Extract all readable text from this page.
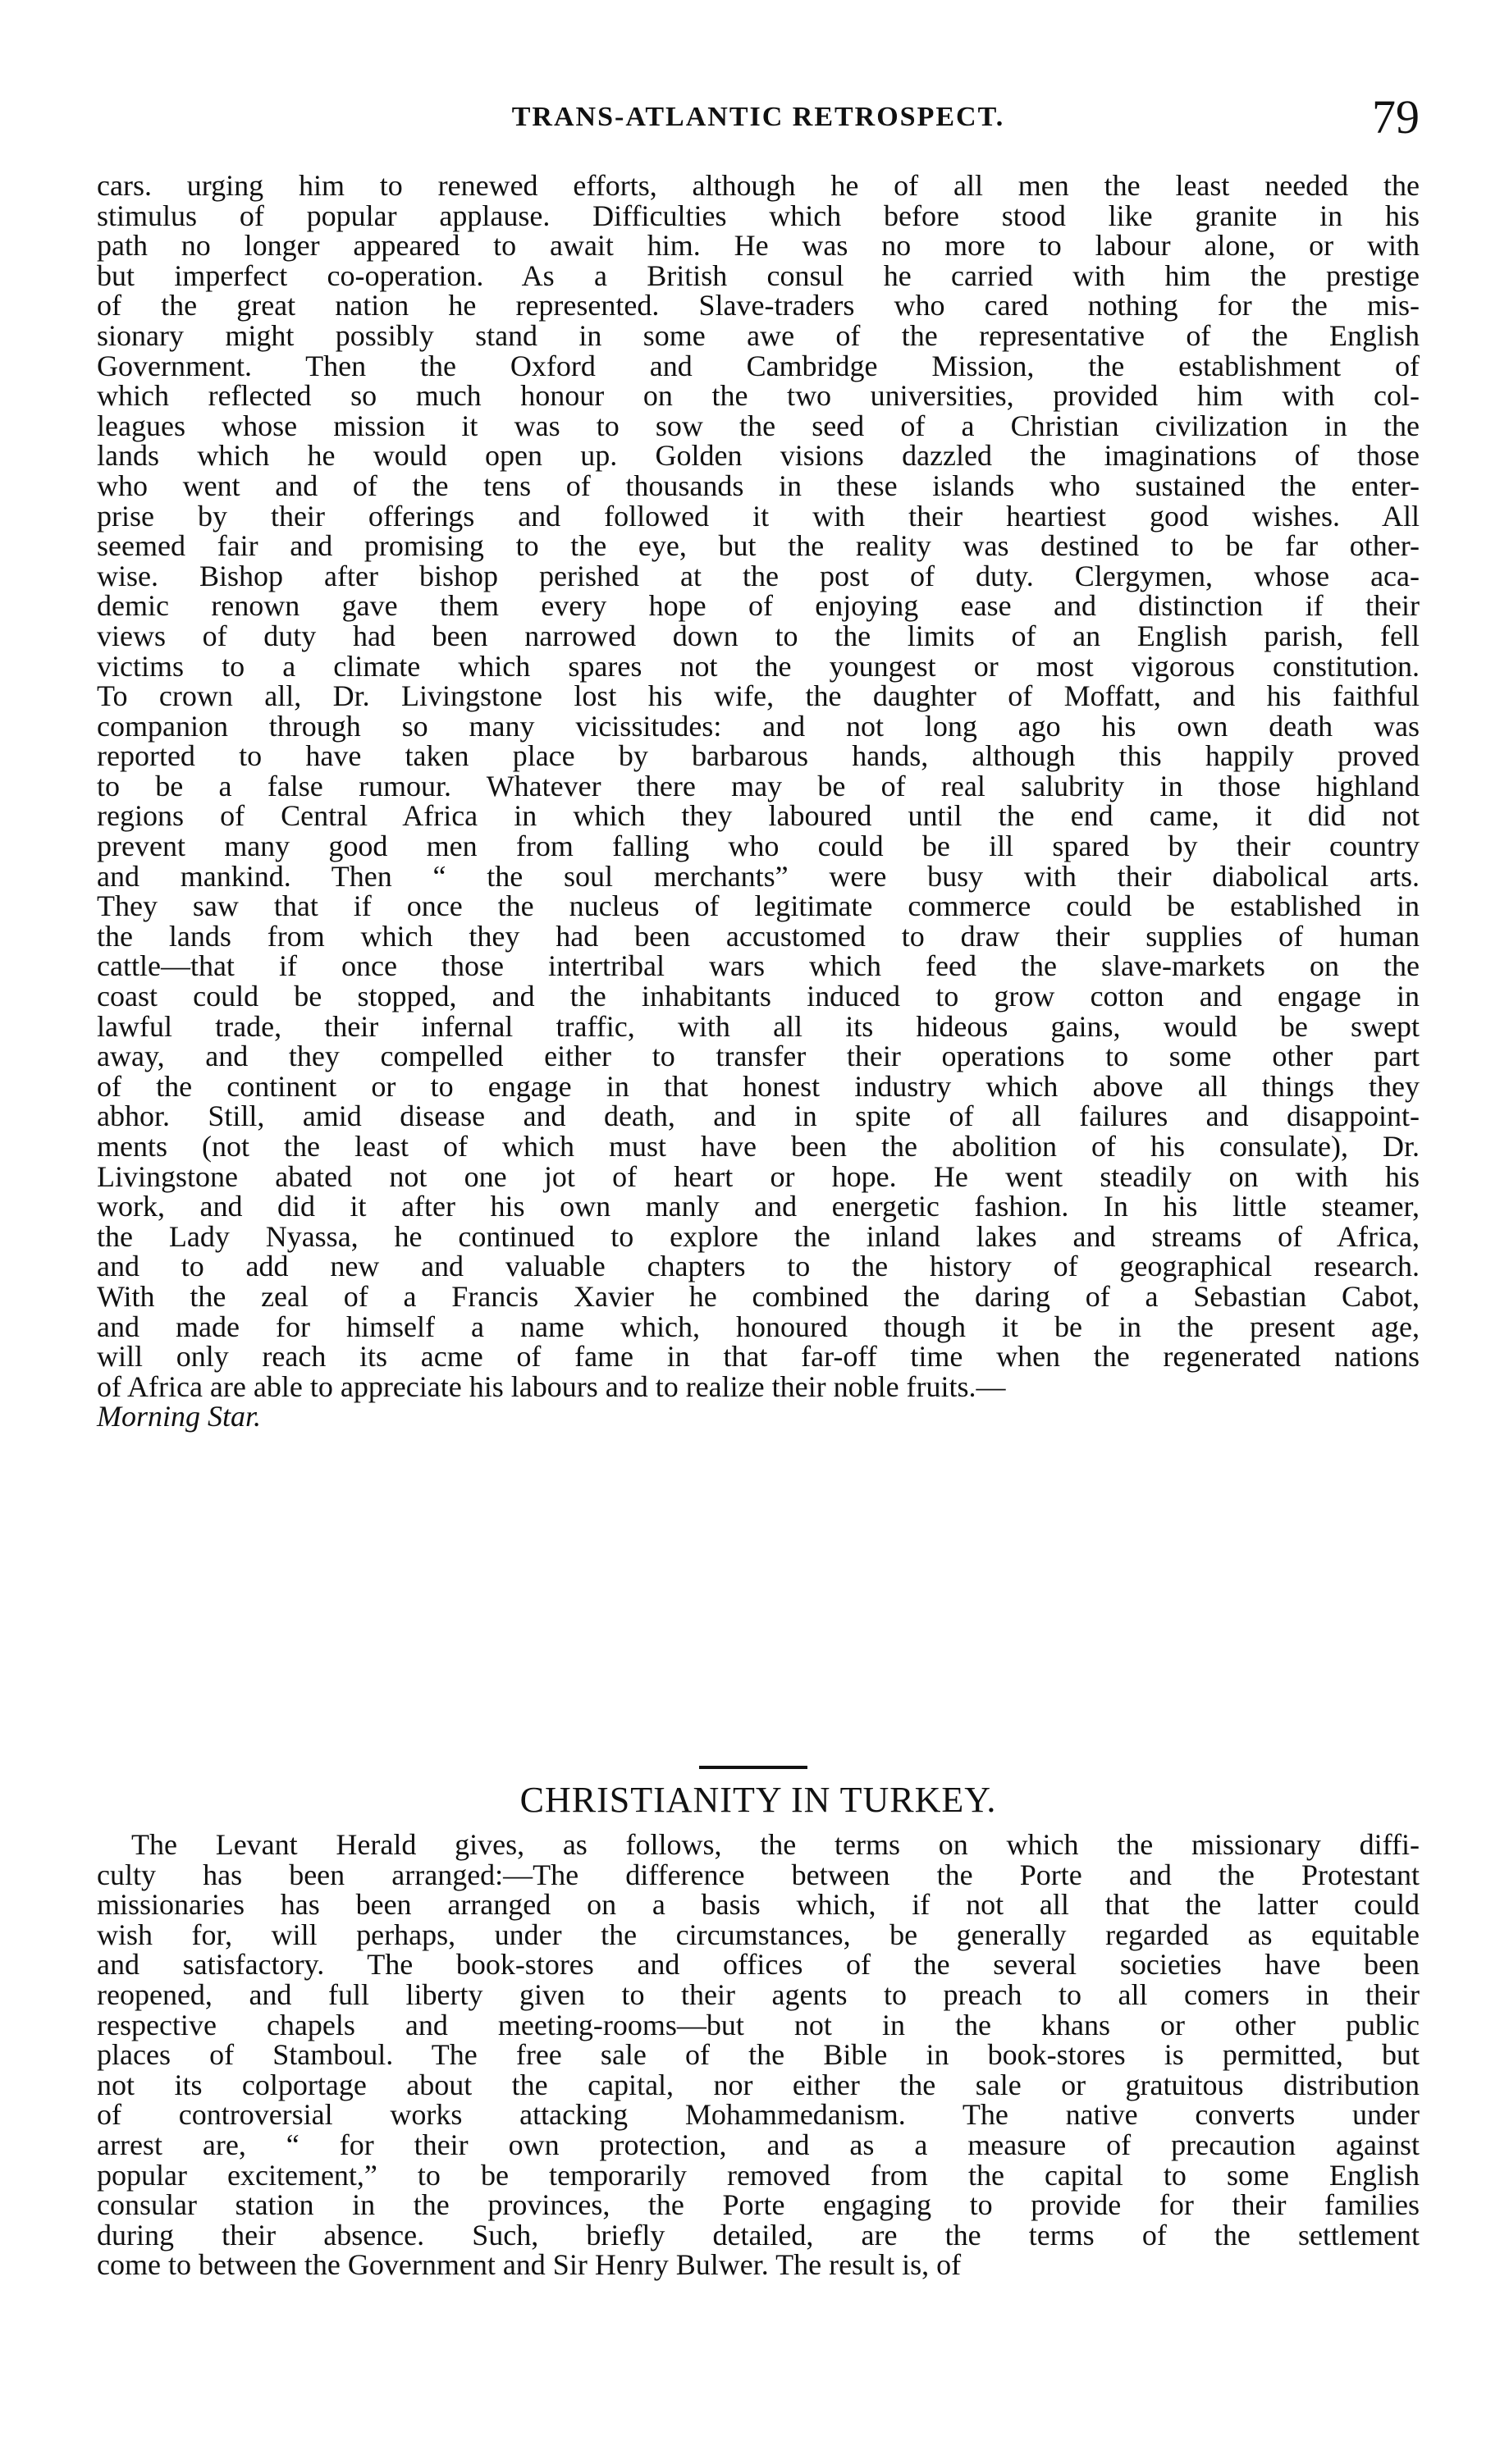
TRANS-ATLANTIC RETROSPECT.	79
cars. urging him to renewed efforts, although he of all men the least needed the
stimulus of popular applause. Difficulties which before stood like granite in his
path no longer appeared to await him. He was no more to labour alone, or with
but imperfect co-operation. As a British consul he carried with him the prestige
of the great nation he represented. Slave-traders who cared nothing for the mis-
sionary might possibly stand in some awe of the representative of the English
Government. Then the Oxford and Cambridge Mission, the establishment of
which reflected so much honour on the two universities, provided him with col-
leagues whose mission it was to sow the seed of a Christian civilization in the
lands which he would open up. Golden visions dazzled the imaginations of those
who went and of the tens of thousands in these islands who sustained the enter-
prise by their offerings and followed it with their heartiest good wishes. All
seemed fair and promising to the eye, but the reality was destined to be far other-
wise. Bishop after bishop perished at the post of duty. Clergymen, whose aca-
demic renown gave them every hope of enjoying ease and distinction if their
views of duty had been narrowed down to the limits of an English parish, fell
victims to a climate which spares not the youngest or most vigorous constitution.
To crown all, Dr. Livingstone lost his wife, the daughter of Moffatt, and his faithful
companion through so many vicissitudes: and not long ago his own death was
reported to have taken place by barbarous hands, although this happily proved
to be a false rumour. Whatever there may be of real salubrity in those highland
regions of Central Africa in which they laboured until the end came, it did not
prevent many good men from falling who could be ill spared by their country
and mankind. Then “ the soul merchants” were busy with their diabolical arts.
They saw that if once the nucleus of legitimate commerce could be established in
the lands from which they had been accustomed to draw their supplies of human
cattle—that if once those intertribal wars which feed the slave-markets on the
coast could be stopped, and the inhabitants induced to grow cotton and engage in
lawful trade, their infernal traffic, with all its hideous gains, would be swept
away, and they compelled either to transfer their operations to some other part
of the continent or to engage in that honest industry which above all things they
abhor. Still, amid disease and death, and in spite of all failures and disappoint-
ments (not the least of which must have been the abolition of his consulate), Dr.
Livingstone abated not one jot of heart or hope. He went steadily on with his
work, and did it after his own manly and energetic fashion. In his little steamer,
the Lady Nyassa, he continued to explore the inland lakes and streams of Africa,
and to add new and valuable chapters to the history of geographical research.
With the zeal of a Francis Xavier he combined the daring of a Sebastian Cabot,
and made for himself a name which, honoured though it be in the present age,
will only reach its acme of fame in that far-off time when the regenerated nations
of Africa are able to appreciate his labours and to realize their noble fruits.—
Morning Star.
CHRISTIANITY IN TURKEY.
The Levant Herald gives, as follows, the terms on which the missionary diffi-
culty has been arranged:—The difference between the Porte and the Protestant
missionaries has been arranged on a basis which, if not all that the latter could
wish for, will perhaps, under the circumstances, be generally regarded as equitable
and satisfactory. The book-stores and offices of the several societies have been
reopened, and full liberty given to their agents to preach to all comers in their
respective chapels and meeting-rooms—but not in the khans or other public
places of Stamboul. The free sale of the Bible in book-stores is permitted, but
not its colportage about the capital, nor either the sale or gratuitous distribution
of controversial works attacking Mohammedanism. The native converts under
arrest are, “ for their own protection, and as a measure of precaution against
popular excitement,” to be temporarily removed from the capital to some English
consular station in the provinces, the Porte engaging to provide for their families
during their absence. Such, briefly detailed, are the terms of the settlement
come to between the Government and Sir Henry Bulwer. The result is, of
